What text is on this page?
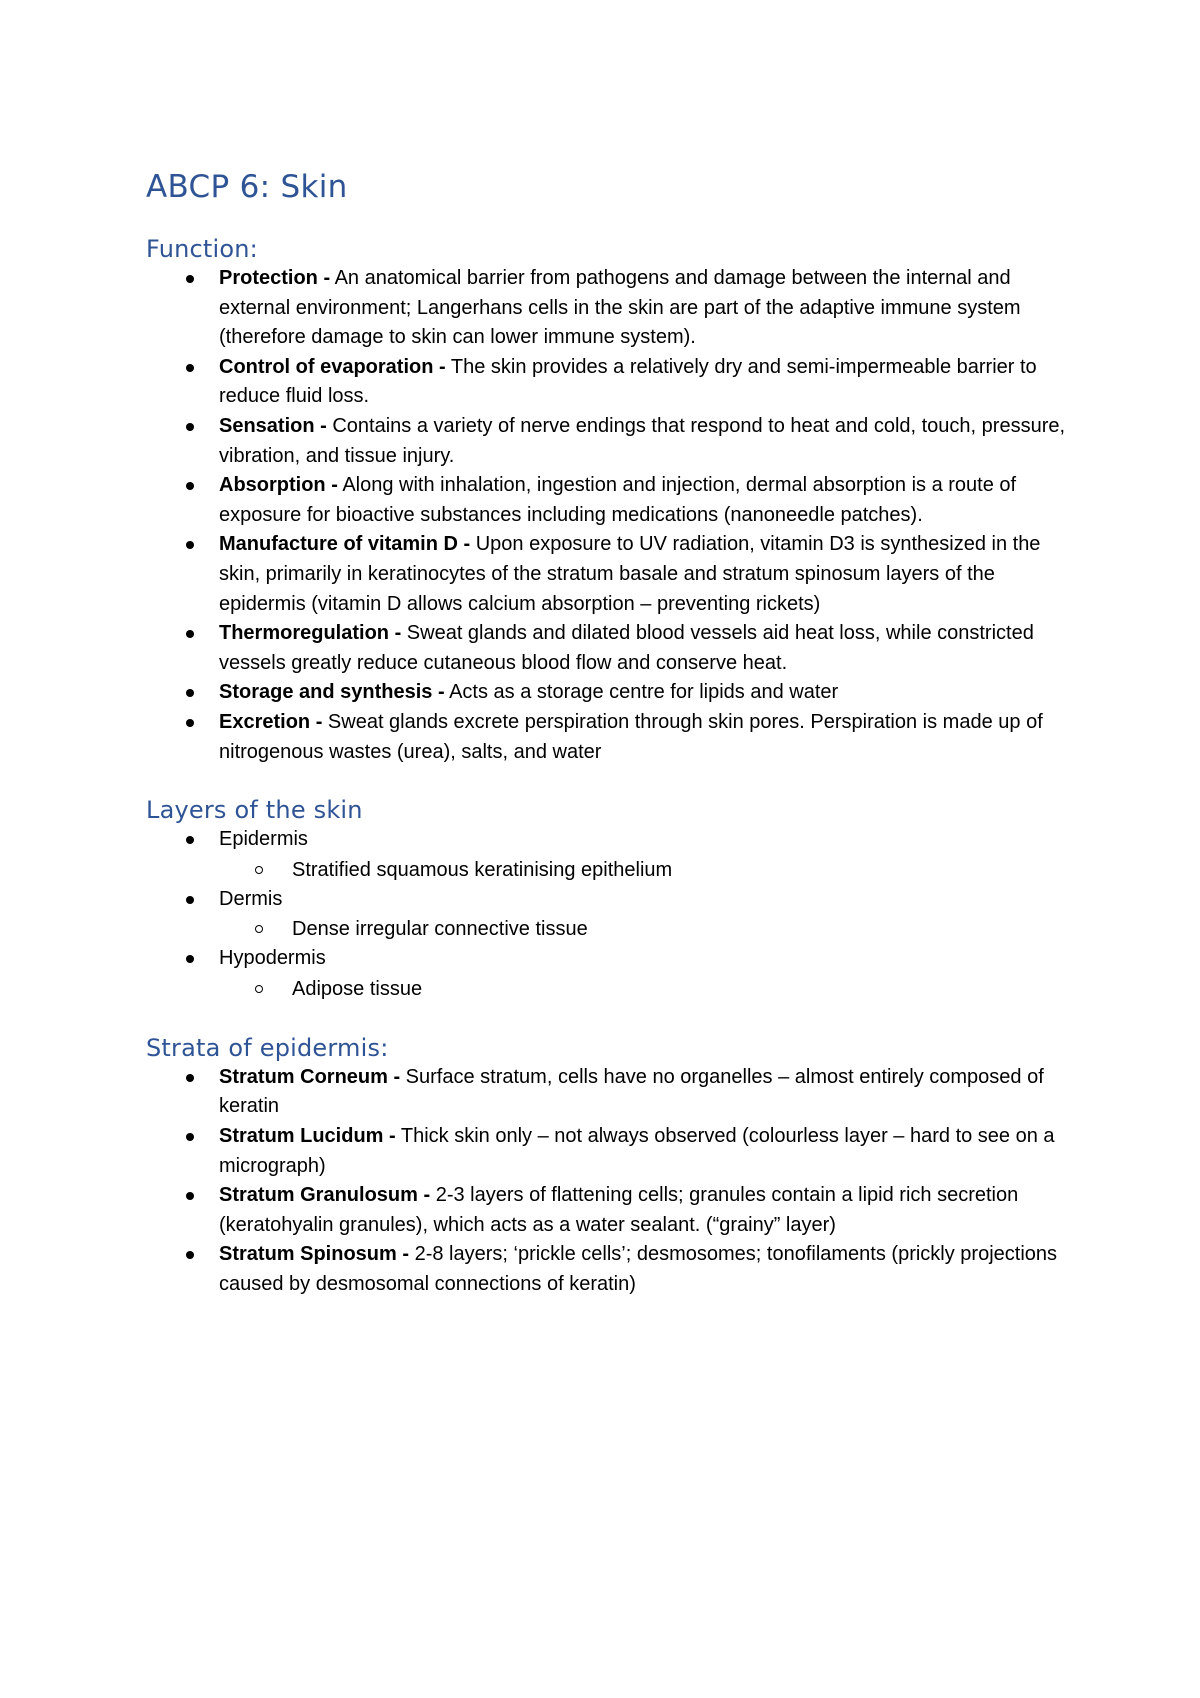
ABCP 6: Skin
Function:
Protection - An anatomical barrier from pathogens and damage between the internal and external environment; Langerhans cells in the skin are part of the adaptive immune system (therefore damage to skin can lower immune system).
Control of evaporation - The skin provides a relatively dry and semi-impermeable barrier to reduce fluid loss.
Sensation - Contains a variety of nerve endings that respond to heat and cold, touch, pressure, vibration, and tissue injury.
Absorption - Along with inhalation, ingestion and injection, dermal absorption is a route of exposure for bioactive substances including medications (nanoneedle patches).
Manufacture of vitamin D - Upon exposure to UV radiation, vitamin D3 is synthesized in the skin, primarily in keratinocytes of the stratum basale and stratum spinosum layers of the epidermis (vitamin D allows calcium absorption – preventing rickets)
Thermoregulation - Sweat glands and dilated blood vessels aid heat loss, while constricted vessels greatly reduce cutaneous blood flow and conserve heat.
Storage and synthesis - Acts as a storage centre for lipids and water
Excretion - Sweat glands excrete perspiration through skin pores. Perspiration is made up of nitrogenous wastes (urea), salts, and water
Layers of the skin
Epidermis
Stratified squamous keratinising epithelium
Dermis
Dense irregular connective tissue
Hypodermis
Adipose tissue
Strata of epidermis:
Stratum Corneum - Surface stratum, cells have no organelles – almost entirely composed of keratin
Stratum Lucidum - Thick skin only – not always observed (colourless layer – hard to see on a micrograph)
Stratum Granulosum - 2-3 layers of flattening cells; granules contain a lipid rich secretion (keratohyalin granules), which acts as a water sealant. (“grainy” layer)
Stratum Spinosum - 2-8 layers; ‘prickle cells’; desmosomes; tonofilaments (prickly projections caused by desmosomal connections of keratin)
